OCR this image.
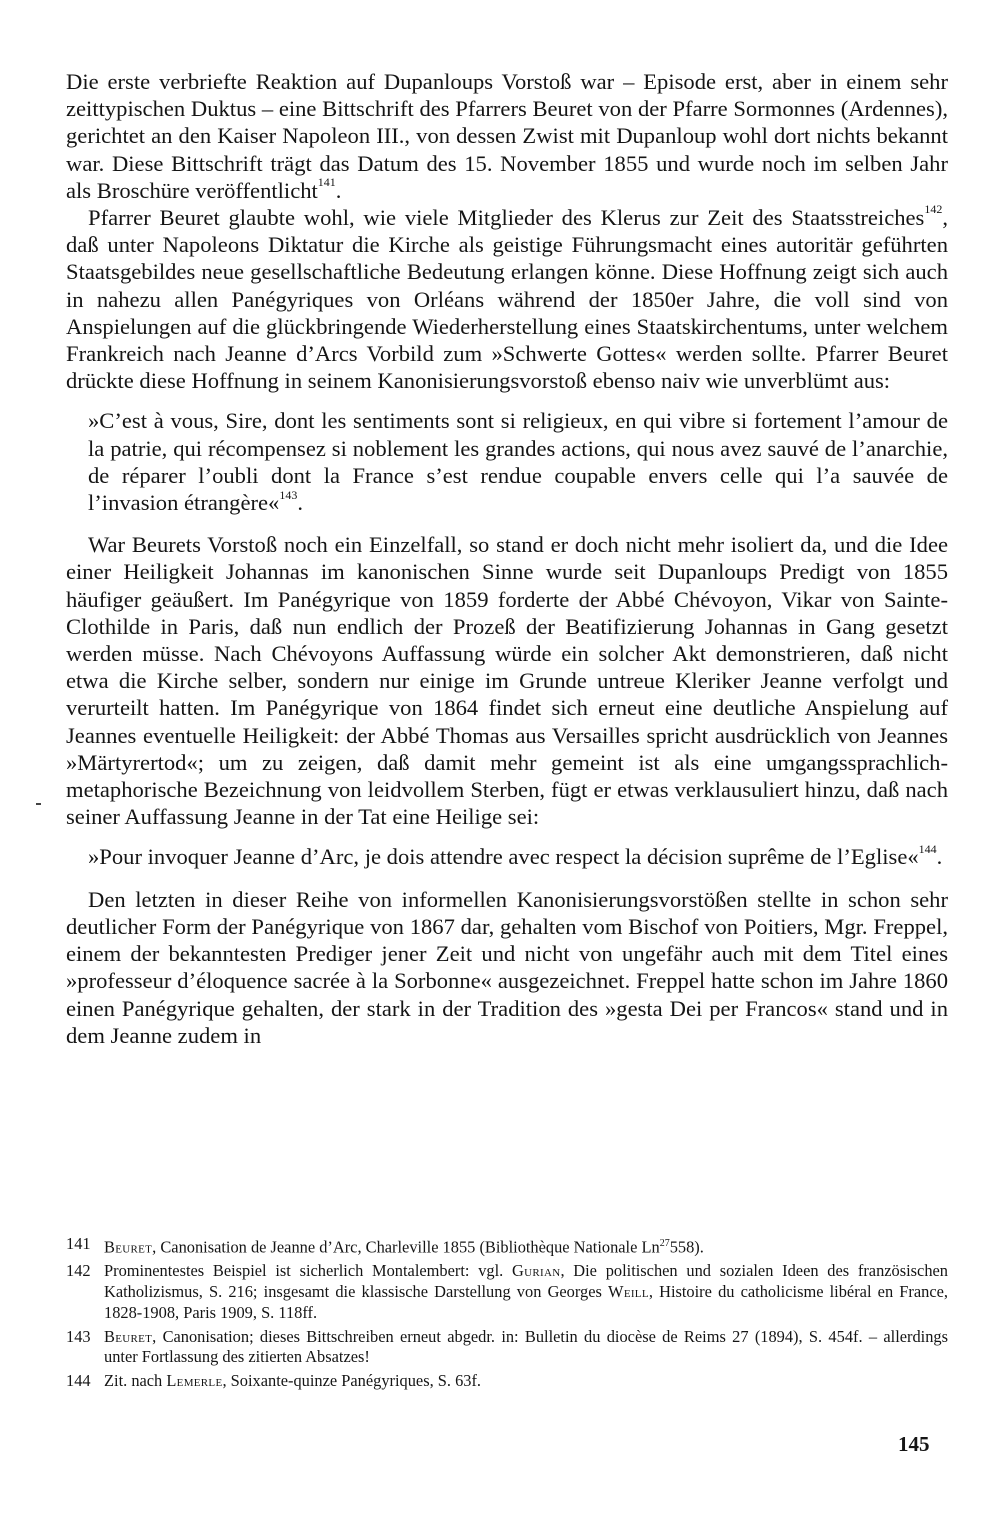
Die erste verbriefte Reaktion auf Dupanloups Vorstoß war – Episode erst, aber in einem sehr zeittypischen Duktus – eine Bittschrift des Pfarrers Beuret von der Pfarre Sormonnes (Ardennes), gerichtet an den Kaiser Napoleon III., von dessen Zwist mit Dupanloup wohl dort nichts bekannt war. Diese Bittschrift trägt das Datum des 15. November 1855 und wurde noch im selben Jahr als Broschüre veröffentlicht$^{141}$.

Pfarrer Beuret glaubte wohl, wie viele Mitglieder des Klerus zur Zeit des Staatsstreiches$^{142}$, daß unter Napoleons Diktatur die Kirche als geistige Führungsmacht eines autoritär geführten Staatsgebildes neue gesellschaftliche Bedeutung erlangen könne. Diese Hoffnung zeigt sich auch in nahezu allen Panégyriques von Orléans während der 1850er Jahre, die voll sind von Anspielungen auf die glückbringende Wiederherstellung eines Staatskirchentums, unter welchem Frankreich nach Jeanne d’Arcs Vorbild zum »Schwerte Gottes« werden sollte. Pfarrer Beuret drückte diese Hoffnung in seinem Kanonisierungsvorstoß ebenso naiv wie unverblümt aus:

»C’est à vous, Sire, dont les sentiments sont si religieux, en qui vibre si fortement l’amour de la patrie, qui récompensez si noblement les grandes actions, qui nous avez sauvé de l’anarchie, de réparer l’oubli dont la France s’est rendue coupable envers celle qui l’a sauvée de l’invasion étrangère«$^{143}$.

War Beurets Vorstoß noch ein Einzelfall, so stand er doch nicht mehr isoliert da, und die Idee einer Heiligkeit Johannas im kanonischen Sinne wurde seit Dupanloups Predigt von 1855 häufiger geäußert. Im Panégyrique von 1859 forderte der Abbé Chévoyon, Vikar von Sainte-Clothilde in Paris, daß nun endlich der Prozeß der Beatifizierung Johannas in Gang gesetzt werden müsse. Nach Chévoyons Auffassung würde ein solcher Akt demonstrieren, daß nicht etwa die Kirche selber, sondern nur einige im Grunde untreue Kleriker Jeanne verfolgt und verurteilt hatten. Im Panégyrique von 1864 findet sich erneut eine deutliche Anspielung auf Jeannes eventuelle Heiligkeit: der Abbé Thomas aus Versailles spricht ausdrücklich von Jeannes »Märtyrertod«; um zu zeigen, daß damit mehr gemeint ist als eine umgangssprachlich-metaphorische Bezeichnung von leidvollem Sterben, fügt er etwas verklausuliert hinzu, daß nach seiner Auffassung Jeanne in der Tat eine Heilige sei:

»Pour invoquer Jeanne d’Arc, je dois attendre avec respect la décision suprême de l’Eglise«$^{144}$.

Den letzten in dieser Reihe von informellen Kanonisierungsvorstößen stellte in schon sehr deutlicher Form der Panégyrique von 1867 dar, gehalten vom Bischof von Poitiers, Mgr. Freppel, einem der bekanntesten Prediger jener Zeit und nicht von ungefähr auch mit dem Titel eines »professeur d’éloquence sacrée à la Sorbonne« ausgezeichnet. Freppel hatte schon im Jahre 1860 einen Panégyrique gehalten, der stark in der Tradition des »gesta Dei per Francos« stand und in dem Jeanne zudem in

141 Beuret, Canonisation de Jeanne d’Arc, Charleville 1855 (Bibliothèque Nationale Ln$^{27}$558).
142 Prominentestes Beispiel ist sicherlich Montalembert: vgl. Gurian, Die politischen und sozialen Ideen des französischen Katholizismus, S. 216; insgesamt die klassische Darstellung von Georges Weill, Histoire du catholicisme libéral en France, 1828-1908, Paris 1909, S. 118ff.
143 Beuret, Canonisation; dieses Bittschreiben erneut abgedr. in: Bulletin du diocèse de Reims 27 (1894), S. 454f. – allerdings unter Fortlassung des zitierten Absatzes!
144 Zit. nach Lemerle, Soixante-quinze Panégyriques, S. 63f.
145
